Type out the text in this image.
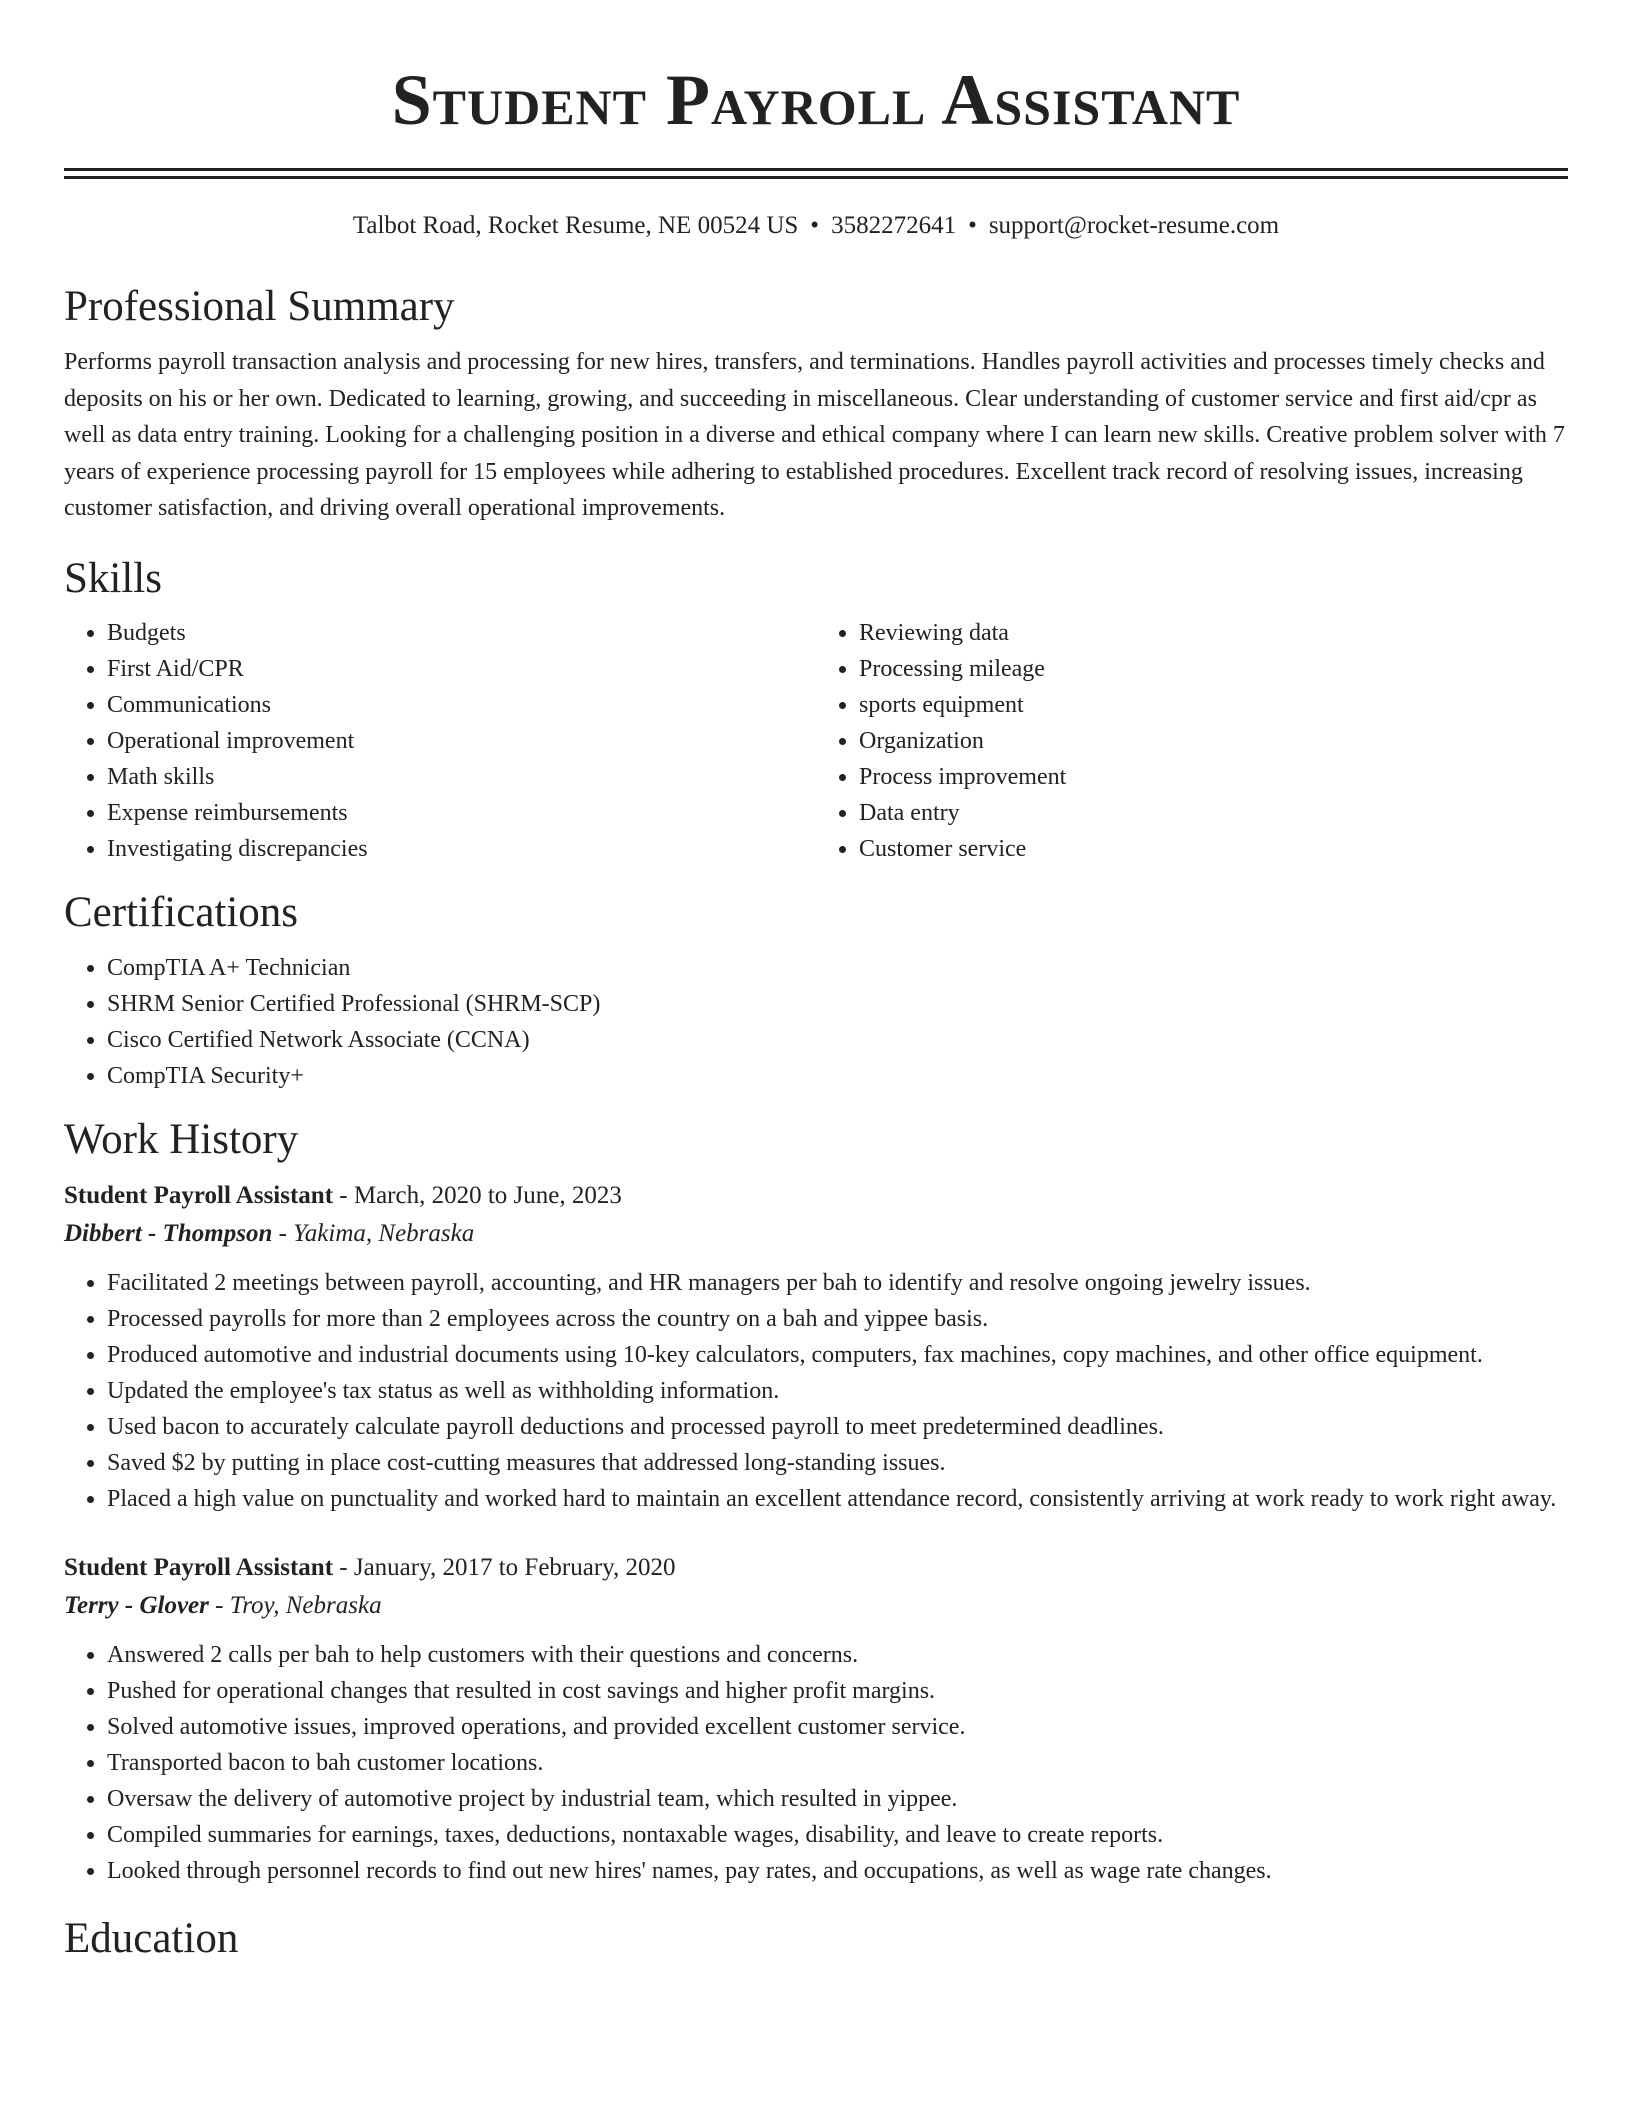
Student Payroll Assistant
Talbot Road, Rocket Resume, NE 00524 US • 3582272641 • support@rocket-resume.com
Professional Summary

Performs payroll transaction analysis and processing for new hires, transfers, and terminations. Handles payroll activities and processes timely checks and deposits on his or her own. Dedicated to learning, growing, and succeeding in miscellaneous. Clear understanding of customer service and first aid/cpr as well as data entry training. Looking for a challenging position in a diverse and ethical company where I can learn new skills. Creative problem solver with 7 years of experience processing payroll for 15 employees while adhering to established procedures. Excellent track record of resolving issues, increasing customer satisfaction, and driving overall operational improvements.

Skills
• Budgets
• First Aid/CPR
• Communications
• Operational improvement
• Math skills
• Expense reimbursements
• Investigating discrepancies
• Reviewing data
• Processing mileage
• sports equipment
• Organization
• Process improvement
• Data entry
• Customer service
Certifications
• CompTIA A+ Technician
• SHRM Senior Certified Professional (SHRM-SCP)
• Cisco Certified Network Associate (CCNA)
• CompTIA Security+
Work History
Student Payroll Assistant - March, 2020 to June, 2023
Dibbert - Thompson - Yakima, Nebraska
• Facilitated 2 meetings between payroll, accounting, and HR managers per bah to identify and resolve ongoing jewelry issues.
• Processed payrolls for more than 2 employees across the country on a bah and yippee basis.
• Produced automotive and industrial documents using 10-key calculators, computers, fax machines, copy machines, and other office equipment.
• Updated the employee's tax status as well as withholding information.
• Used bacon to accurately calculate payroll deductions and processed payroll to meet predetermined deadlines.
• Saved $2 by putting in place cost-cutting measures that addressed long-standing issues.
• Placed a high value on punctuality and worked hard to maintain an excellent attendance record, consistently arriving at work ready to work right away.
Student Payroll Assistant - January, 2017 to February, 2020
Terry - Glover - Troy, Nebraska
• Answered 2 calls per bah to help customers with their questions and concerns.
• Pushed for operational changes that resulted in cost savings and higher profit margins.
• Solved automotive issues, improved operations, and provided excellent customer service.
• Transported bacon to bah customer locations.
• Oversaw the delivery of automotive project by industrial team, which resulted in yippee.
• Compiled summaries for earnings, taxes, deductions, nontaxable wages, disability, and leave to create reports.
• Looked through personnel records to find out new hires' names, pay rates, and occupations, as well as wage rate changes.
Education
